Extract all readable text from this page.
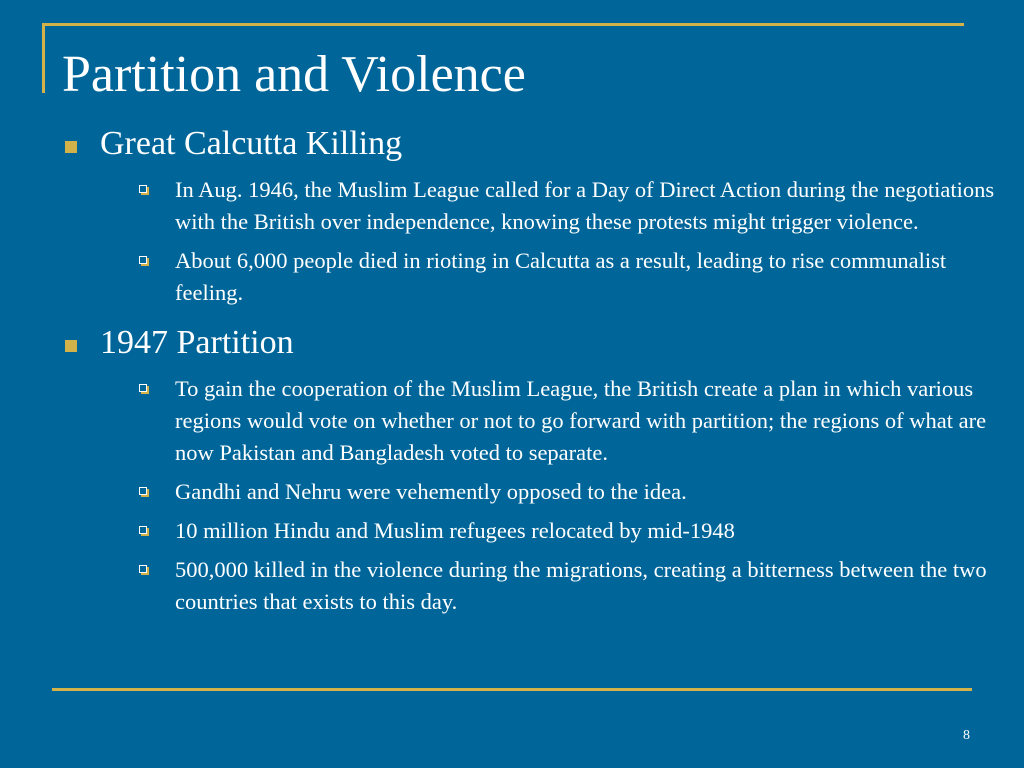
Partition and Violence
Great Calcutta Killing
In Aug. 1946, the Muslim League called for a Day of Direct Action during the negotiations with the British over independence, knowing these protests might trigger violence.
About 6,000 people died in rioting in Calcutta as a result, leading to rise communalist feeling.
1947 Partition
To gain the cooperation of the Muslim League, the British create a plan in which various regions would vote on whether or not to go forward with partition; the regions of what are now Pakistan and Bangladesh voted to separate.
Gandhi and Nehru were vehemently opposed to the idea.
10 million Hindu and Muslim refugees relocated by mid-1948
500,000 killed in the violence during the migrations, creating a bitterness between the two countries that exists to this day.
8
